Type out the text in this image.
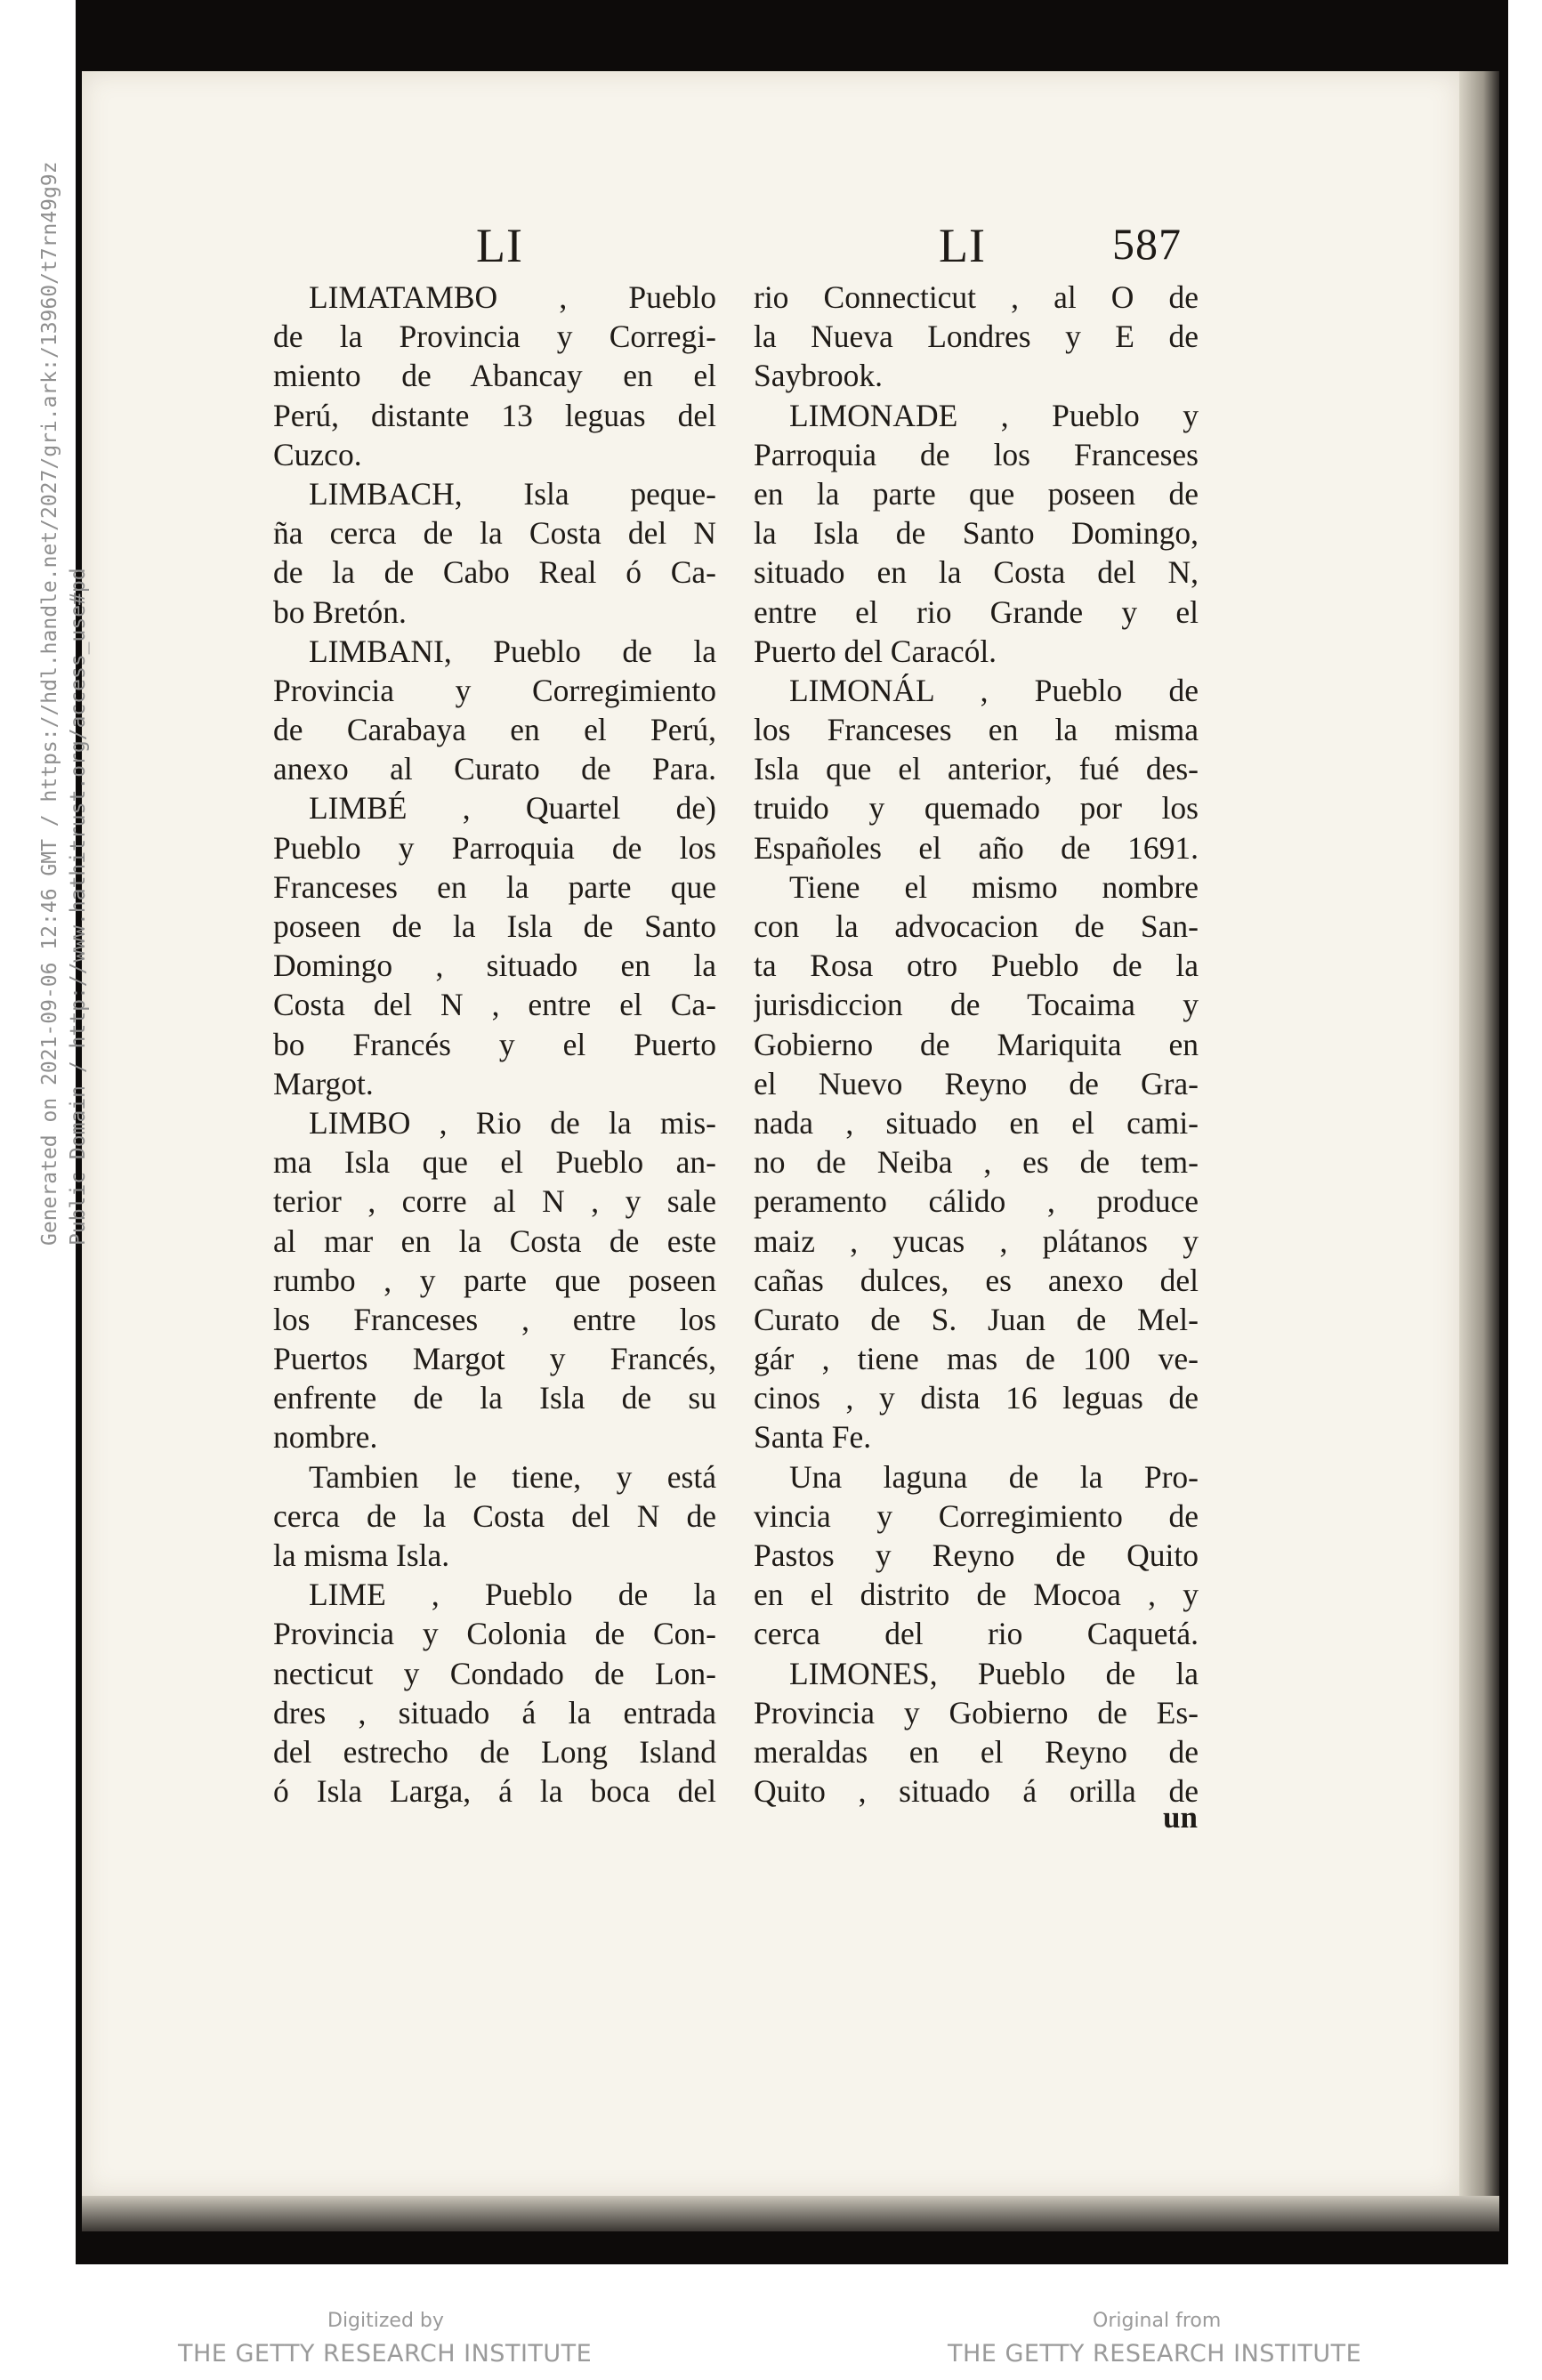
LI	LI	587
LIMATAMBO , Pueblo
de la Provincia y Corregi-
miento de Abancay en el
Perú, distante 13 leguas del
Cuzco.
LIMBACH, Isla peque-
ña cerca de la Costa del N
de la de Cabo Real ó Ca-
bo Bretón.
LIMBANI, Pueblo de la
Provincia y Corregimiento
de Carabaya en el Perú,
anexo al Curato de Para.
LIMBÉ , Quartel de)
Pueblo y Parroquia de los
Franceses en la parte que
poseen de la Isla de Santo
Domingo , situado en la
Costa del N , entre el Ca-
bo Francés y el Puerto
Margot.
LIMBO , Rio de la mis-
ma Isla que el Pueblo an-
terior , corre al N , y sale
al mar en la Costa de este
rumbo , y parte que poseen
los Franceses , entre los
Puertos Margot y Francés,
enfrente de la Isla de su
nombre.
Tambien le tiene, y está
cerca de la Costa del N de
la misma Isla.
LIME , Pueblo de la
Provincia y Colonia de Con-
necticut y Condado de Lon-
dres , situado á la entrada
del estrecho de Long Island
ó Isla Larga, á la boca del
rio Connecticut , al O de
la Nueva Londres y E de
Saybrook.
LIMONADE , Pueblo y
Parroquia de los Franceses
en la parte que poseen de
la Isla de Santo Domingo,
situado en la Costa del N,
entre el rio Grande y el
Puerto del Caracól.
LIMONÁL , Pueblo de
los Franceses en la misma
Isla que el anterior, fué des-
truido y quemado por los
Españoles el año de 1691.
Tiene el mismo nombre
con la advocacion de San-
ta Rosa otro Pueblo de la
jurisdiccion de Tocaima y
Gobierno de Mariquita en
el Nuevo Reyno de Gra-
nada , situado en el cami-
no de Neiba , es de tem-
peramento cálido , produce
maiz , yucas , plátanos y
cañas dulces, es anexo del
Curato de S. Juan de Mel-
gár , tiene mas de 100 ve-
cinos , y dista 16 leguas de
Santa Fe.
Una laguna de la Pro-
vincia y Corregimiento de
Pastos y Reyno de Quito
en el distrito de Mocoa , y
cerca del rio Caquetá.
LIMONES, Pueblo de la
Provincia y Gobierno de Es-
meraldas en el Reyno de
Quito , situado á orilla de
un
Generated on 2021-09-06 12:46 GMT / https://hdl.handle.net/2027/gri.ark:/13960/t7rn49g9z Public Domain / http://www.hathitrust.org/access_use#pd
Digitized by
THE GETTY RESEARCH INSTITUTE
Original from
THE GETTY RESEARCH INSTITUTE
